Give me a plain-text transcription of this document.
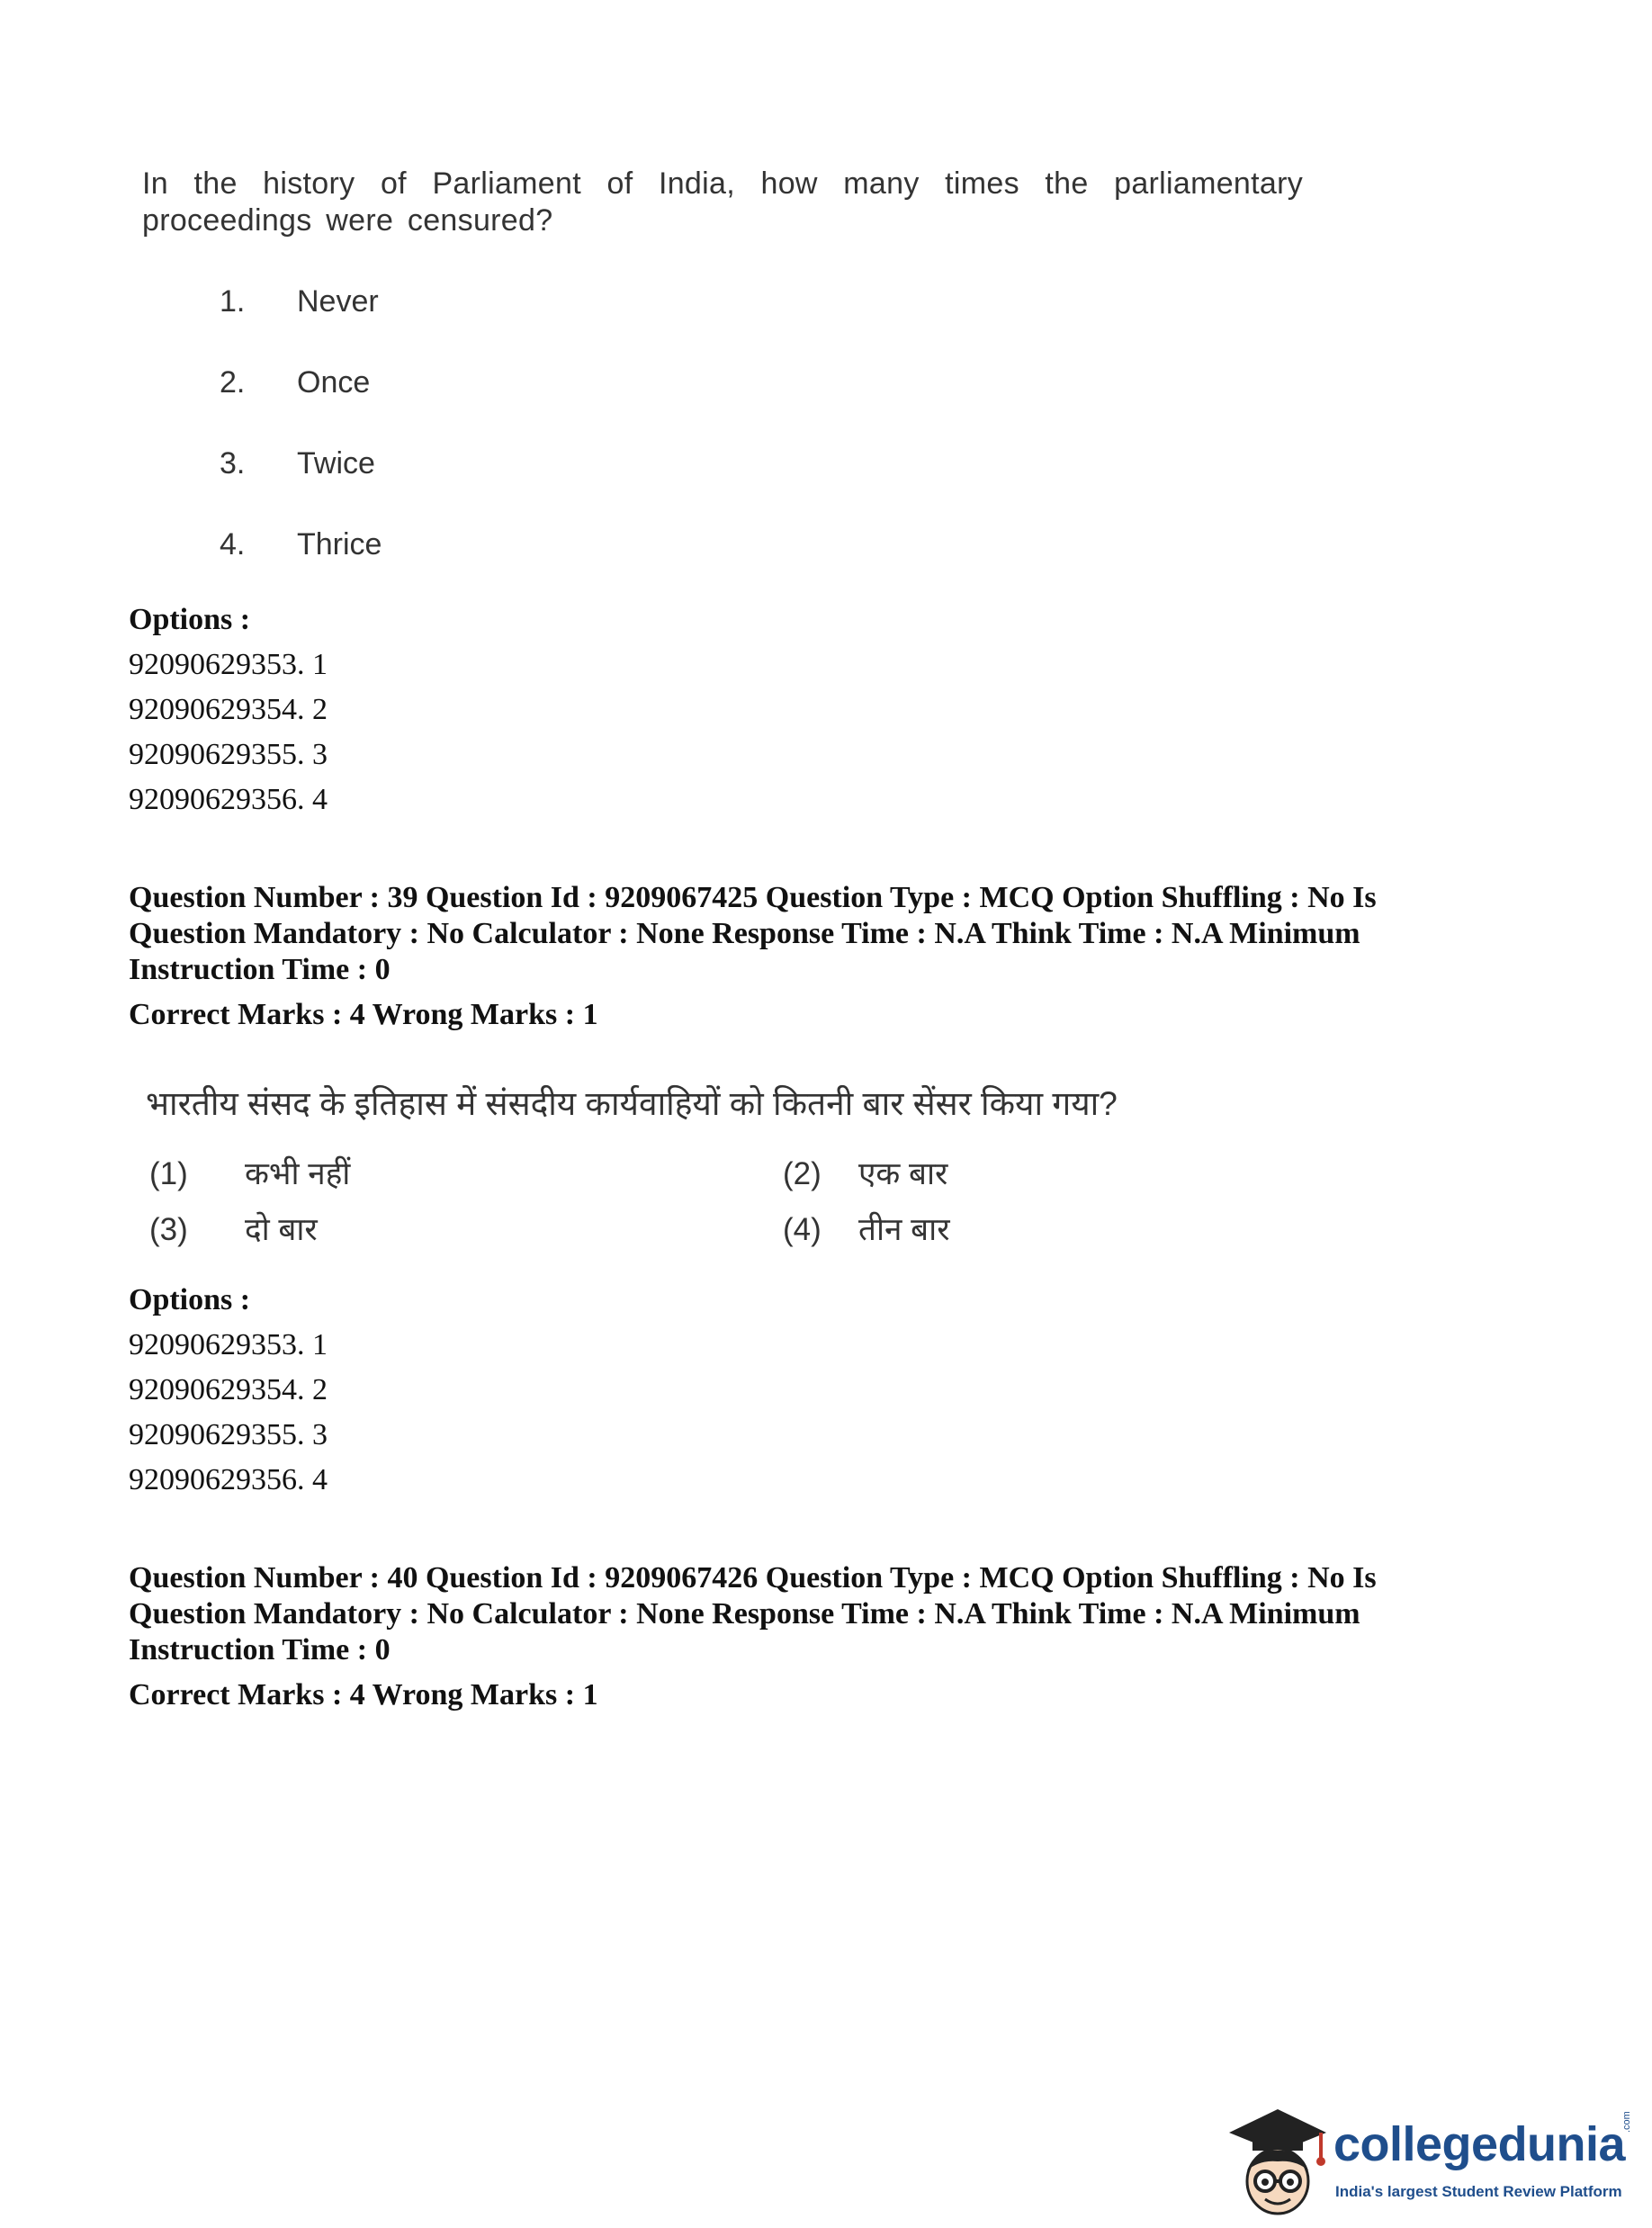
In the history of Parliament of India, how many times the parliamentary proceedings were censured?
1. Never
2. Once
3. Twice
4. Thrice
Options :
92090629353. 1
92090629354. 2
92090629355. 3
92090629356. 4
Question Number : 39 Question Id : 9209067425 Question Type : MCQ Option Shuffling : No Is Question Mandatory : No Calculator : None Response Time : N.A Think Time : N.A Minimum Instruction Time : 0
Correct Marks : 4 Wrong Marks : 1
भारतीय संसद के इतिहास में संसदीय कार्यवाहियों को कितनी बार सेंसर किया गया?
(1) कभी नहीं	(2) एक बार
(3) दो बार	(4) तीन बार
Options :
92090629353. 1
92090629354. 2
92090629355. 3
92090629356. 4
Question Number : 40 Question Id : 9209067426 Question Type : MCQ Option Shuffling : No Is Question Mandatory : No Calculator : None Response Time : N.A Think Time : N.A Minimum Instruction Time : 0
Correct Marks : 4 Wrong Marks : 1
collegedunia
.com
India's largest Student Review Platform
